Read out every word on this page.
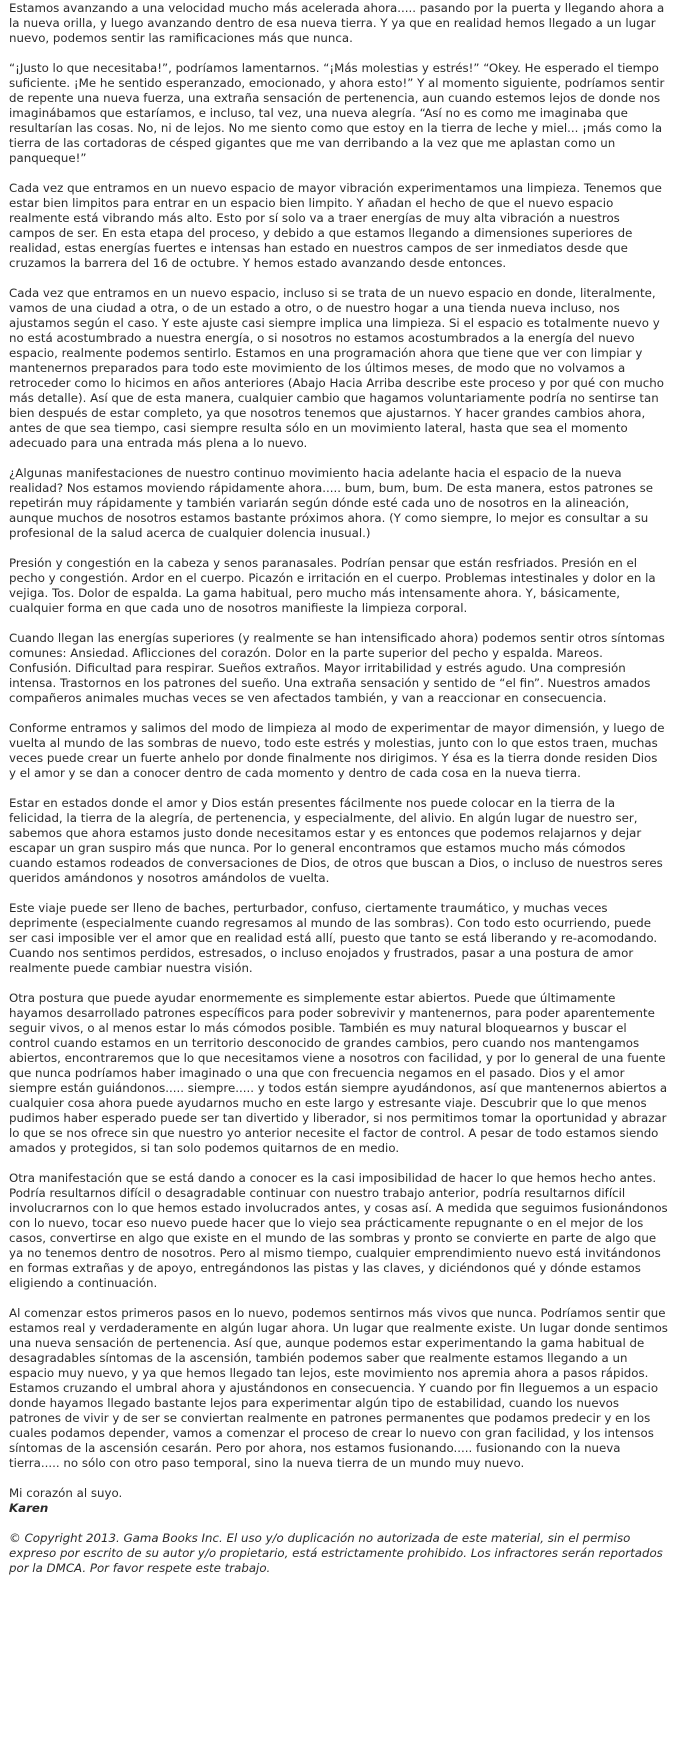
Estamos avanzando a una velocidad mucho más acelerada ahora..... pasando por la puerta y llegando ahora a la nueva orilla, y luego avanzando dentro de esa nueva tierra. Y ya que en realidad hemos llegado a un lugar nuevo, podemos sentir las ramificaciones más que nunca.

“¡Justo lo que necesitaba!”, podríamos lamentarnos. “¡Más molestias y estrés!” “Okey. He esperado el tiempo suficiente. ¡Me he sentido esperanzado, emocionado, y ahora esto!” Y al momento siguiente, podríamos sentir de repente una nueva fuerza, una extraña sensación de pertenencia, aun cuando estemos lejos de donde nos imaginábamos que estaríamos, e incluso, tal vez, una nueva alegría. “Así no es como me imaginaba que resultarían las cosas. No, ni de lejos. No me siento como que estoy en la tierra de leche y miel... ¡más como la tierra de las cortadoras de césped gigantes que me van derribando a la vez que me aplastan como un panqueque!”

Cada vez que entramos en un nuevo espacio de mayor vibración experimentamos una limpieza. Tenemos que estar bien limpitos para entrar en un espacio bien limpito. Y añadan el hecho de que el nuevo espacio realmente está vibrando más alto. Esto por sí solo va a traer energías de muy alta vibración a nuestros campos de ser. En esta etapa del proceso, y debido a que estamos llegando a dimensiones superiores de realidad, estas energías fuertes e intensas han estado en nuestros campos de ser inmediatos desde que cruzamos la barrera del 16 de octubre. Y hemos estado avanzando desde entonces.

Cada vez que entramos en un nuevo espacio, incluso si se trata de un nuevo espacio en donde, literalmente, vamos de una ciudad a otra, o de un estado a otro, o de nuestro hogar a una tienda nueva incluso, nos ajustamos según el caso. Y este ajuste casi siempre implica una limpieza. Si el espacio es totalmente nuevo y no está acostumbrado a nuestra energía, o si nosotros no estamos acostumbrados a la energía del nuevo espacio, realmente podemos sentirlo. Estamos en una programación ahora que tiene que ver con limpiar y mantenernos preparados para todo este movimiento de los últimos meses, de modo que no volvamos a retroceder como lo hicimos en años anteriores (Abajo Hacia Arriba describe este proceso y por qué con mucho más detalle). Así que de esta manera, cualquier cambio que hagamos voluntariamente podría no sentirse tan bien después de estar completo, ya que nosotros tenemos que ajustarnos. Y hacer grandes cambios ahora, antes de que sea tiempo, casi siempre resulta sólo en un movimiento lateral, hasta que sea el momento adecuado para una entrada más plena a lo nuevo.

¿Algunas manifestaciones de nuestro continuo movimiento hacia adelante hacia el espacio de la nueva realidad? Nos estamos moviendo rápidamente ahora..... bum, bum, bum. De esta manera, estos patrones se repetirán muy rápidamente y también variarán según dónde esté cada uno de nosotros en la alineación, aunque muchos de nosotros estamos bastante próximos ahora. (Y como siempre, lo mejor es consultar a su profesional de la salud acerca de cualquier dolencia inusual.)

Presión y congestión en la cabeza y senos paranasales. Podrían pensar que están resfriados. Presión en el pecho y congestión. Ardor en el cuerpo. Picazón e irritación en el cuerpo. Problemas intestinales y dolor en la vejiga. Tos. Dolor de espalda. La gama habitual, pero mucho más intensamente ahora. Y, básicamente, cualquier forma en que cada uno de nosotros manifieste la limpieza corporal.

Cuando llegan las energías superiores (y realmente se han intensificado ahora) podemos sentir otros síntomas comunes: Ansiedad. Aflicciones del corazón. Dolor en la parte superior del pecho y espalda. Mareos. Confusión. Dificultad para respirar. Sueños extraños. Mayor irritabilidad y estrés agudo. Una compresión intensa. Trastornos en los patrones del sueño. Una extraña sensación y sentido de “el fin”. Nuestros amados compañeros animales muchas veces se ven afectados también, y van a reaccionar en consecuencia.

Conforme entramos y salimos del modo de limpieza al modo de experimentar de mayor dimensión, y luego de vuelta al mundo de las sombras de nuevo, todo este estrés y molestias, junto con lo que estos traen, muchas veces puede crear un fuerte anhelo por donde finalmente nos dirigimos. Y ésa es la tierra donde residen Dios y el amor y se dan a conocer dentro de cada momento y dentro de cada cosa en la nueva tierra.

Estar en estados donde el amor y Dios están presentes fácilmente nos puede colocar en la tierra de la felicidad, la tierra de la alegría, de pertenencia, y especialmente, del alivio. En algún lugar de nuestro ser, sabemos que ahora estamos justo donde necesitamos estar y es entonces que podemos relajarnos y dejar escapar un gran suspiro más que nunca. Por lo general encontramos que estamos mucho más cómodos cuando estamos rodeados de conversaciones de Dios, de otros que buscan a Dios, o incluso de nuestros seres queridos amándonos y nosotros amándolos de vuelta.

Este viaje puede ser lleno de baches, perturbador, confuso, ciertamente traumático, y muchas veces deprimente (especialmente cuando regresamos al mundo de las sombras). Con todo esto ocurriendo, puede ser casi imposible ver el amor que en realidad está allí, puesto que tanto se está liberando y re-acomodando. Cuando nos sentimos perdidos, estresados, o incluso enojados y frustrados, pasar a una postura de amor realmente puede cambiar nuestra visión.

Otra postura que puede ayudar enormemente es simplemente estar abiertos. Puede que últimamente hayamos desarrollado patrones específicos para poder sobrevivir y mantenernos, para poder aparentemente seguir vivos, o al menos estar lo más cómodos posible. También es muy natural bloquearnos y buscar el control cuando estamos en un territorio desconocido de grandes cambios, pero cuando nos mantengamos abiertos, encontraremos que lo que necesitamos viene a nosotros con facilidad, y por lo general de una fuente que nunca podríamos haber imaginado o una que con frecuencia negamos en el pasado. Dios y el amor siempre están guiándonos..... siempre..... y todos están siempre ayudándonos, así que mantenernos abiertos a cualquier cosa ahora puede ayudarnos mucho en este largo y estresante viaje. Descubrir que lo que menos pudimos haber esperado puede ser tan divertido y liberador, si nos permitimos tomar la oportunidad y abrazar lo que se nos ofrece sin que nuestro yo anterior necesite el factor de control. A pesar de todo estamos siendo amados y protegidos, si tan solo podemos quitarnos de en medio.

Otra manifestación que se está dando a conocer es la casi imposibilidad de hacer lo que hemos hecho antes. Podría resultarnos difícil o desagradable continuar con nuestro trabajo anterior, podría resultarnos difícil involucrarnos con lo que hemos estado involucrados antes, y cosas así. A medida que seguimos fusionándonos con lo nuevo, tocar eso nuevo puede hacer que lo viejo sea prácticamente repugnante o en el mejor de los casos, convertirse en algo que existe en el mundo de las sombras y pronto se convierte en parte de algo que ya no tenemos dentro de nosotros. Pero al mismo tiempo, cualquier emprendimiento nuevo está invitándonos en formas extrañas y de apoyo, entregándonos las pistas y las claves, y diciéndonos qué y dónde estamos eligiendo a continuación.

Al comenzar estos primeros pasos en lo nuevo, podemos sentirnos más vivos que nunca. Podríamos sentir que estamos real y verdaderamente en algún lugar ahora. Un lugar que realmente existe. Un lugar donde sentimos una nueva sensación de pertenencia. Así que, aunque podemos estar experimentando la gama habitual de desagradables síntomas de la ascensión, también podemos saber que realmente estamos llegando a un espacio muy nuevo, y ya que hemos llegado tan lejos, este movimiento nos apremia ahora a pasos rápidos. Estamos cruzando el umbral ahora y ajustándonos en consecuencia. Y cuando por fin lleguemos a un espacio donde hayamos llegado bastante lejos para experimentar algún tipo de estabilidad, cuando los nuevos patrones de vivir y de ser se conviertan realmente en patrones permanentes que podamos predecir y en los cuales podamos depender, vamos a comenzar el proceso de crear lo nuevo con gran facilidad, y los intensos síntomas de la ascensión cesarán. Pero por ahora, nos estamos fusionando..... fusionando con la nueva tierra..... no sólo con otro paso temporal, sino la nueva tierra de un mundo muy nuevo.

Mi corazón al suyo.
Karen

© Copyright 2013. Gama Books Inc. El uso y/o duplicación no autorizada de este material, sin el permiso expreso por escrito de su autor y/o propietario, está estrictamente prohibido. Los infractores serán reportados por la DMCA. Por favor respete este trabajo.
